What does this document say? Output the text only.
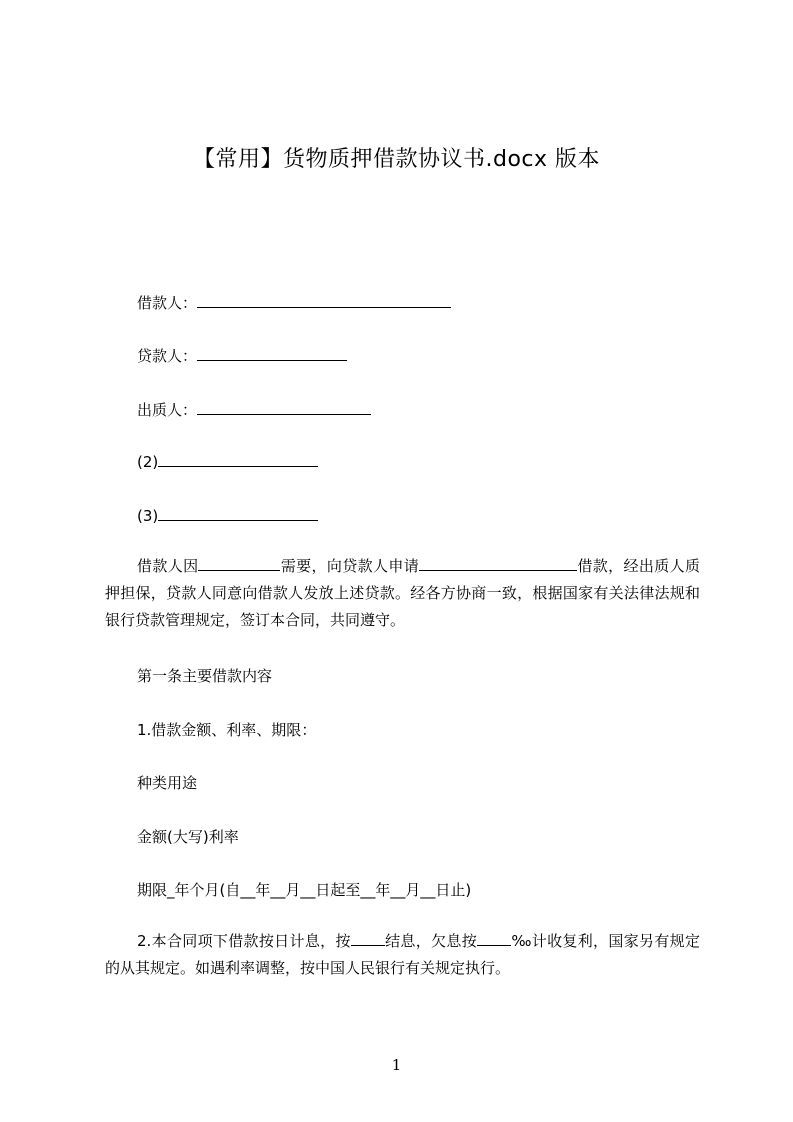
【常用】货物质押借款协议书.docx 版本
借款人：
贷款人：
出质人：
(2)
(3)
借款人因	需要，向贷款人申请	借款，经出质人质押担保，贷款人同意向借款人发放上述贷款。经各方协商一致，根据国家有关法律法规和银行贷款管理规定，签订本合同，共同遵守。
第一条主要借款内容
1.借款金额、利率、期限：
种类用途
金额(大写)利率
期限_年个月(自__年__月__日起至__年__月__日止)
2.本合同项下借款按日计息，按 结息，欠息按 ‰计收复利，国家另有规定的从其规定。如遇利率调整，按中国人民银行有关规定执行。
1
